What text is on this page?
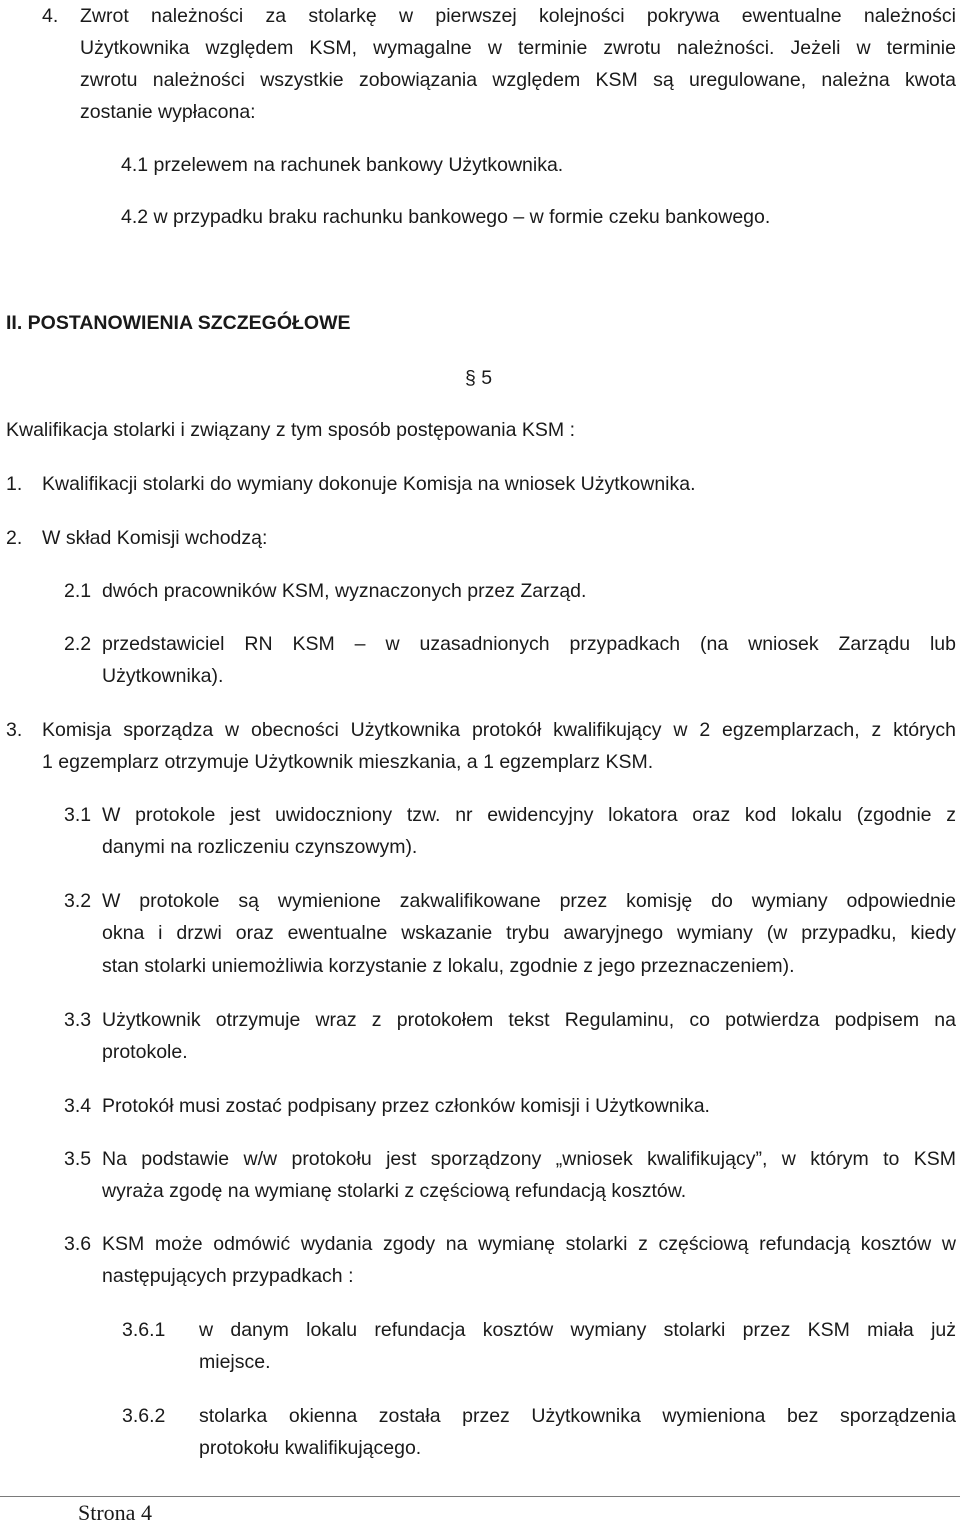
4. Zwrot należności za stolarkę w pierwszej kolejności pokrywa ewentualne należności
Użytkownika względem KSM, wymagalne w terminie zwrotu należności. Jeżeli w terminie
zwrotu należności wszystkie zobowiązania względem KSM są uregulowane, należna kwota
zostanie wypłacona:
4.1 przelewem na rachunek bankowy Użytkownika.
4.2 w przypadku braku rachunku bankowego – w formie czeku bankowego.
II. POSTANOWIENIA SZCZEGÓŁOWE
§ 5
Kwalifikacja stolarki i związany z tym sposób postępowania KSM :
1. Kwalifikacji stolarki do wymiany dokonuje Komisja na wniosek Użytkownika.
2. W skład Komisji wchodzą:
2.1 dwóch pracowników KSM, wyznaczonych przez Zarząd.
2.2 przedstawiciel RN KSM – w uzasadnionych przypadkach (na wniosek Zarządu lub
Użytkownika).
3. Komisja sporządza w obecności Użytkownika protokół kwalifikujący w 2 egzemplarzach, z których
1 egzemplarz otrzymuje Użytkownik mieszkania, a 1 egzemplarz KSM.
3.1 W protokole jest uwidoczniony tzw. nr ewidencyjny lokatora oraz kod lokalu (zgodnie z
danymi na rozliczeniu czynszowym).
3.2 W protokole są wymienione zakwalifikowane przez komisję do wymiany odpowiednie
okna i drzwi oraz ewentualne wskazanie trybu awaryjnego wymiany (w przypadku, kiedy
stan stolarki uniemożliwia korzystanie z lokalu, zgodnie z jego przeznaczeniem).
3.3 Użytkownik otrzymuje wraz z protokołem tekst Regulaminu, co potwierdza podpisem na
protokole.
3.4 Protokół musi zostać podpisany przez członków komisji i Użytkownika.
3.5 Na podstawie w/w protokołu jest sporządzony „wniosek kwalifikujący”, w którym to KSM
wyraża zgodę na wymianę stolarki z częściową refundacją kosztów.
3.6 KSM może odmówić wydania zgody na wymianę stolarki z częściową refundacją kosztów w
następujących przypadkach :
3.6.1 w danym lokalu refundacja kosztów wymiany stolarki przez KSM miała już
miejsce.
3.6.2 stolarka okienna została przez Użytkownika wymieniona bez sporządzenia
protokołu kwalifikującego.
Strona 4
